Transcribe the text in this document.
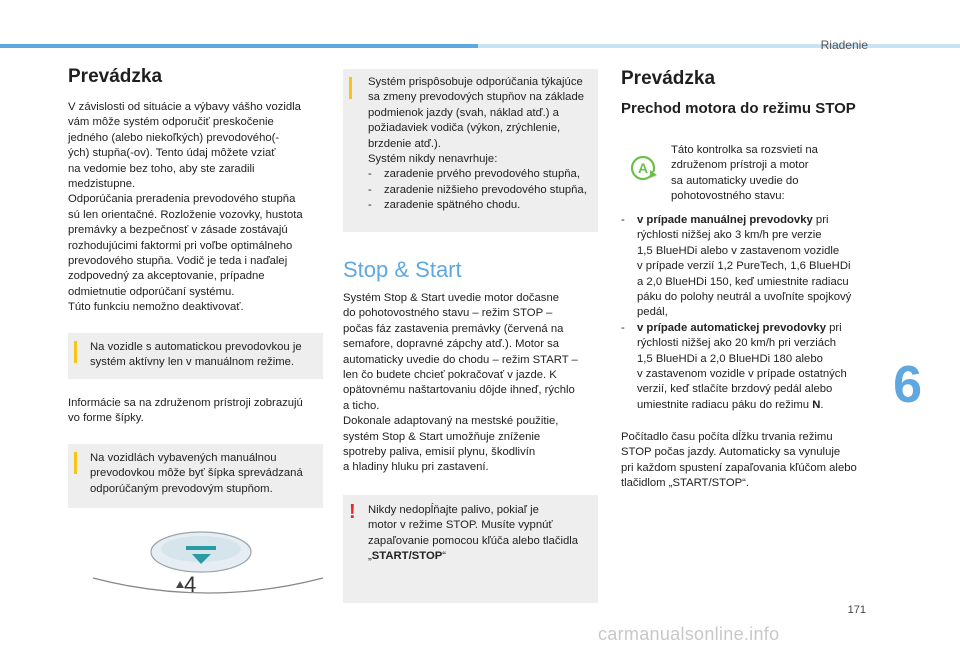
Riadenie
6
171
Prevádzka
V závislosti od situácie a výbavy vášho vozidla
vám môže systém odporučiť preskočenie
jedného (alebo niekoľkých) prevodového(-
ých) stupňa(-ov). Tento údaj môžete vziať
na vedomie bez toho, aby ste zaradili
medzistupne.
Odporúčania preradenia prevodového stupňa
sú len orientačné. Rozloženie vozovky, hustota
premávky a bezpečnosť v zásade zostávajú
rozhodujúcimi faktormi pri voľbe optimálneho
prevodového stupňa. Vodič je teda i naďalej
zodpovedný za akceptovanie, prípadne
odmietnutie odporúčaní systému.
Túto funkciu nemožno deaktivovať.
Na vozidle s automatickou prevodovkou je
systém aktívny len v manuálnom režime.
Informácie sa na združenom prístroji zobrazujú
vo forme šípky.
Na vozidlách vybavených manuálnou
prevodovkou môže byť šípka sprevádzaná
odporúčaným prevodovým stupňom.
4
Systém prispôsobuje odporúčania týkajúce
sa zmeny prevodových stupňov na základe
podmienok jazdy (svah, náklad atď.) a
požiadaviek vodiča (výkon, zrýchlenie,
brzdenie atď.).
Systém nikdy nenavrhuje:
- zaradenie prvého prevodového stupňa,
- zaradenie nižšieho prevodového stupňa,
- zaradenie spätného chodu.
Stop & Start
Systém Stop & Start uvedie motor dočasne
do pohotovostného stavu – režim STOP –
počas fáz zastavenia premávky (červená na
semafore, dopravné zápchy atď.). Motor sa
automaticky uvedie do chodu – režim START –
len čo budete chcieť pokračovať v jazde. K
opätovnému naštartovaniu dôjde ihneď, rýchlo
a ticho.
Dokonale adaptovaný na mestské použitie,
systém Stop & Start umožňuje zníženie
spotreby paliva, emisií plynu, škodlivín
a hladiny hluku pri zastavení.
! Nikdy nedopĺňajte palivo, pokiaľ je
motor v režime STOP. Musíte vypnúť
zapaľovanie pomocou kľúča alebo tlačidla
„START/STOP“
Prevádzka
Prechod motora do režimu STOP
A
Táto kontrolka sa rozsvieti na
združenom prístroji a motor
sa automaticky uvedie do
pohotovostného stavu:
- v prípade manuálnej prevodovky pri
rýchlosti nižšej ako 3 km/h pre verzie
1,5 BlueHDi alebo v zastavenom vozidle
v prípade verzií 1,2 PureTech, 1,6 BlueHDi
a 2,0 BlueHDi 150, keď umiestnite radiacu
páku do polohy neutrál a uvoľníte spojkový
pedál,
- v prípade automatickej prevodovky pri
rýchlosti nižšej ako 20 km/h pri verziách
1,5 BlueHDi a 2,0 BlueHDi 180 alebo
v zastavenom vozidle v prípade ostatných
verzií, keď stlačíte brzdový pedál alebo
umiestnite radiacu páku do režimu N.
Počítadlo času počíta dĺžku trvania režimu
STOP počas jazdy. Automaticky sa vynuluje
pri každom spustení zapaľovania kľúčom alebo
tlačidlom „START/STOP“.
carmanualsonline.info
